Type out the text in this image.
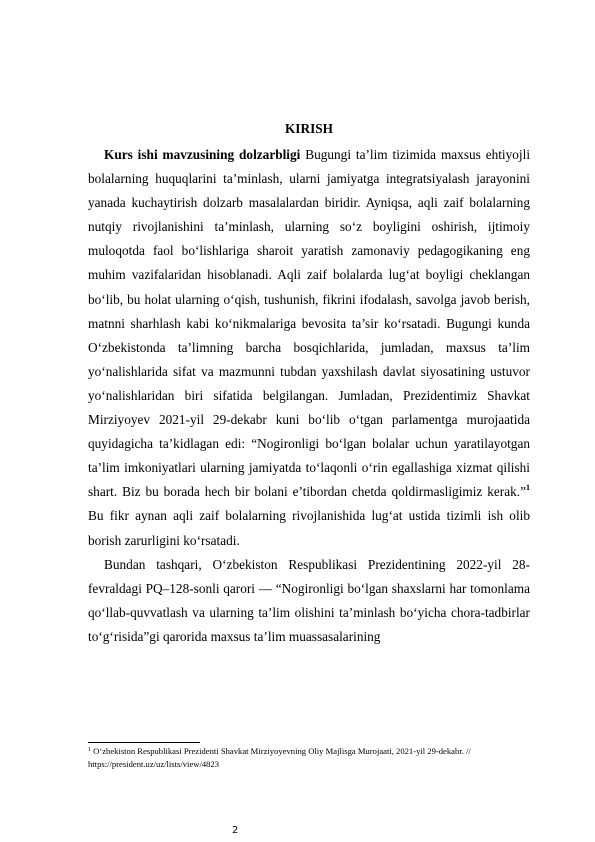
KIRISH

Kurs ishi mavzusining dolzarbligi Bugungi ta’lim tizimida maxsus ehtiyojli bolalarning huquqlarini ta’minlash, ularni jamiyatga integratsiyalash jarayonini yanada kuchaytirish dolzarb masalalardan biridir. Ayniqsa, aqli zaif bolalarning nutqiy rivojlanishini ta’minlash, ularning so‘z boyligini oshirish, ijtimoiy muloqotda faol bo‘lishlariga sharoit yaratish zamonaviy pedagogikaning eng muhim vazifalaridan hisoblanadi. Aqli zaif bolalarda lug‘at boyligi cheklangan bo‘lib, bu holat ularning o‘qish, tushunish, fikrini ifodalash, savolga javob berish, matnni sharhlash kabi ko‘nikmalariga bevosita ta’sir ko‘rsatadi. Bugungi kunda O‘zbekistonda ta’limning barcha bosqichlarida, jumladan, maxsus ta’lim yo‘nalishlarida sifat va mazmunni tubdan yaxshilash davlat siyosatining ustuvor yo‘nalishlaridan biri sifatida belgilangan. Jumladan, Prezidentimiz Shavkat Mirziyoyev 2021-yil 29-dekabr kuni bo‘lib o‘tgan parlamentga murojaatida quyidagicha ta’kidlagan edi: “Nogironligi bo‘lgan bolalar uchun yaratilayotgan ta’lim imkoniyatlari ularning jamiyatda to‘laqonli o‘rin egallashiga xizmat qilishi shart. Biz bu borada hech bir bolani e’tibordan chetda qoldirmasligimiz kerak.”$^1$ Bu fikr aynan aqli zaif bolalarning rivojlanishida lug‘at ustida tizimli ish olib borish zarurligini ko‘rsatadi.

Bundan tashqari, O‘zbekiston Respublikasi Prezidentining 2022-yil 28-fevraldagi PQ–128-sonli qarori — “Nogironligi bo‘lgan shaxslarni har tomonlama qo‘llab-quvvatlash va ularning ta’lim olishini ta’minlash bo‘yicha chora-tadbirlar to‘g‘risida”gi qarorida maxsus ta’lim muassasalarining

$^1$ O‘zbekiston Respublikasi Prezidenti Shavkat Mirziyoyevning Oliy Majlisga Murojaati, 2021-yil 29-dekabr. // https://president.uz/uz/lists/view/4823
2
